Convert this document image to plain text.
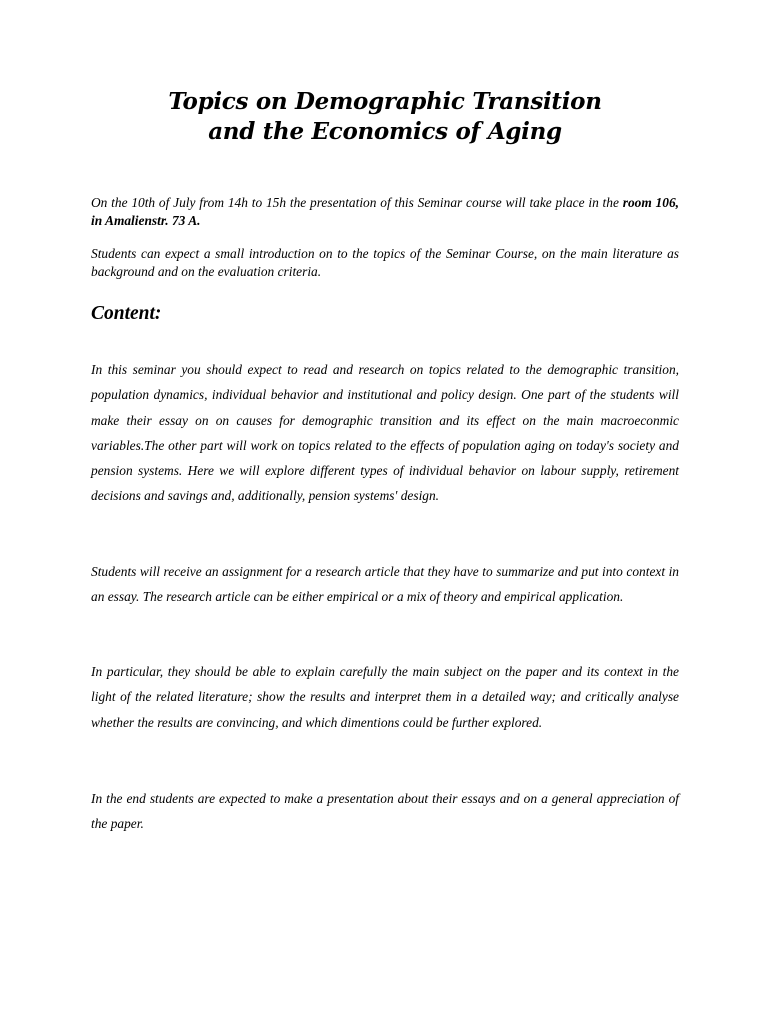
Topics on Demographic Transition
and the Economics of Aging

On the 10th of July from 14h to 15h the presentation of this Seminar course will take place in the room 106, in Amalienstr. 73 A.

Students can expect a small introduction on to the topics of the Seminar Course, on the main literature as background and on the evaluation criteria.

Content:

In this seminar you should expect to read and research on topics related to the demographic transition, population dynamics, individual behavior and institutional and policy design. One part of the students will make their essay on on causes for demographic transition and its effect on the main macroeconmic variables.The other part will work on topics related to the effects of population aging on today's society and pension systems. Here we will explore different types of individual behavior on labour supply, retirement decisions and savings and, additionally, pension systems' design.

Students will receive an assignment for a research article that they have to summarize and put into context in an essay. The research article can be either empirical or a mix of theory and empirical application.

In particular, they should be able to explain carefully the main subject on the paper and its context in the light of the related literature; show the results and interpret them in a detailed way; and critically analyse whether the results are convincing, and which dimentions could be further explored.

In the end students are expected to make a presentation about their essays and on a general appreciation of the paper.
